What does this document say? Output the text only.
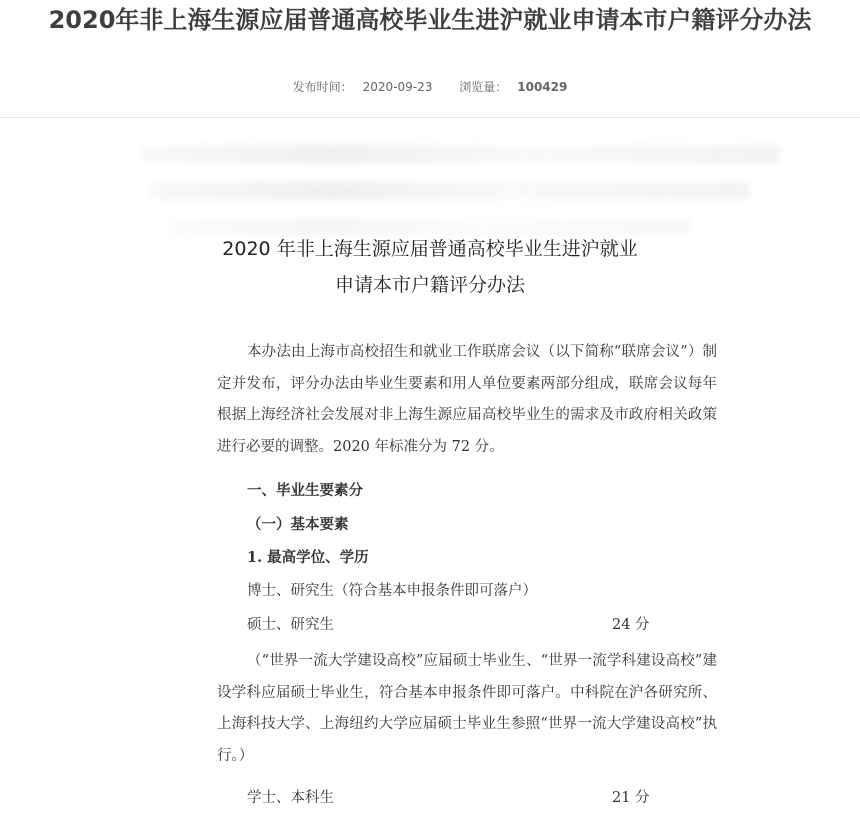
2020年非上海生源应届普通高校毕业生进沪就业申请本市户籍评分办法
发布时间： 2020-09-23 浏览量： 100429
2020 年非上海生源应届普通高校毕业生进沪就业
申请本市户籍评分办法
本办法由上海市高校招生和就业工作联席会议（以下简称“联席会议”）制定并发布，评分办法由毕业生要素和用人单位要素两部分组成，联席会议每年根据上海经济社会发展对非上海生源应届高校毕业生的需求及市政府相关政策进行必要的调整。2020 年标准分为 72 分。
一、毕业生要素分
（一）基本要素
1. 最高学位、学历
博士、研究生（符合基本申报条件即可落户）
硕士、研究生	24 分
（“世界一流大学建设高校”应届硕士毕业生、“世界一流学科建设高校”建设学科应届硕士毕业生，符合基本申报条件即可落户。中科院在沪各研究所、上海科技大学、上海纽约大学应届硕士毕业生参照“世界一流大学建设高校”执行。）
学士、本科生	21 分
